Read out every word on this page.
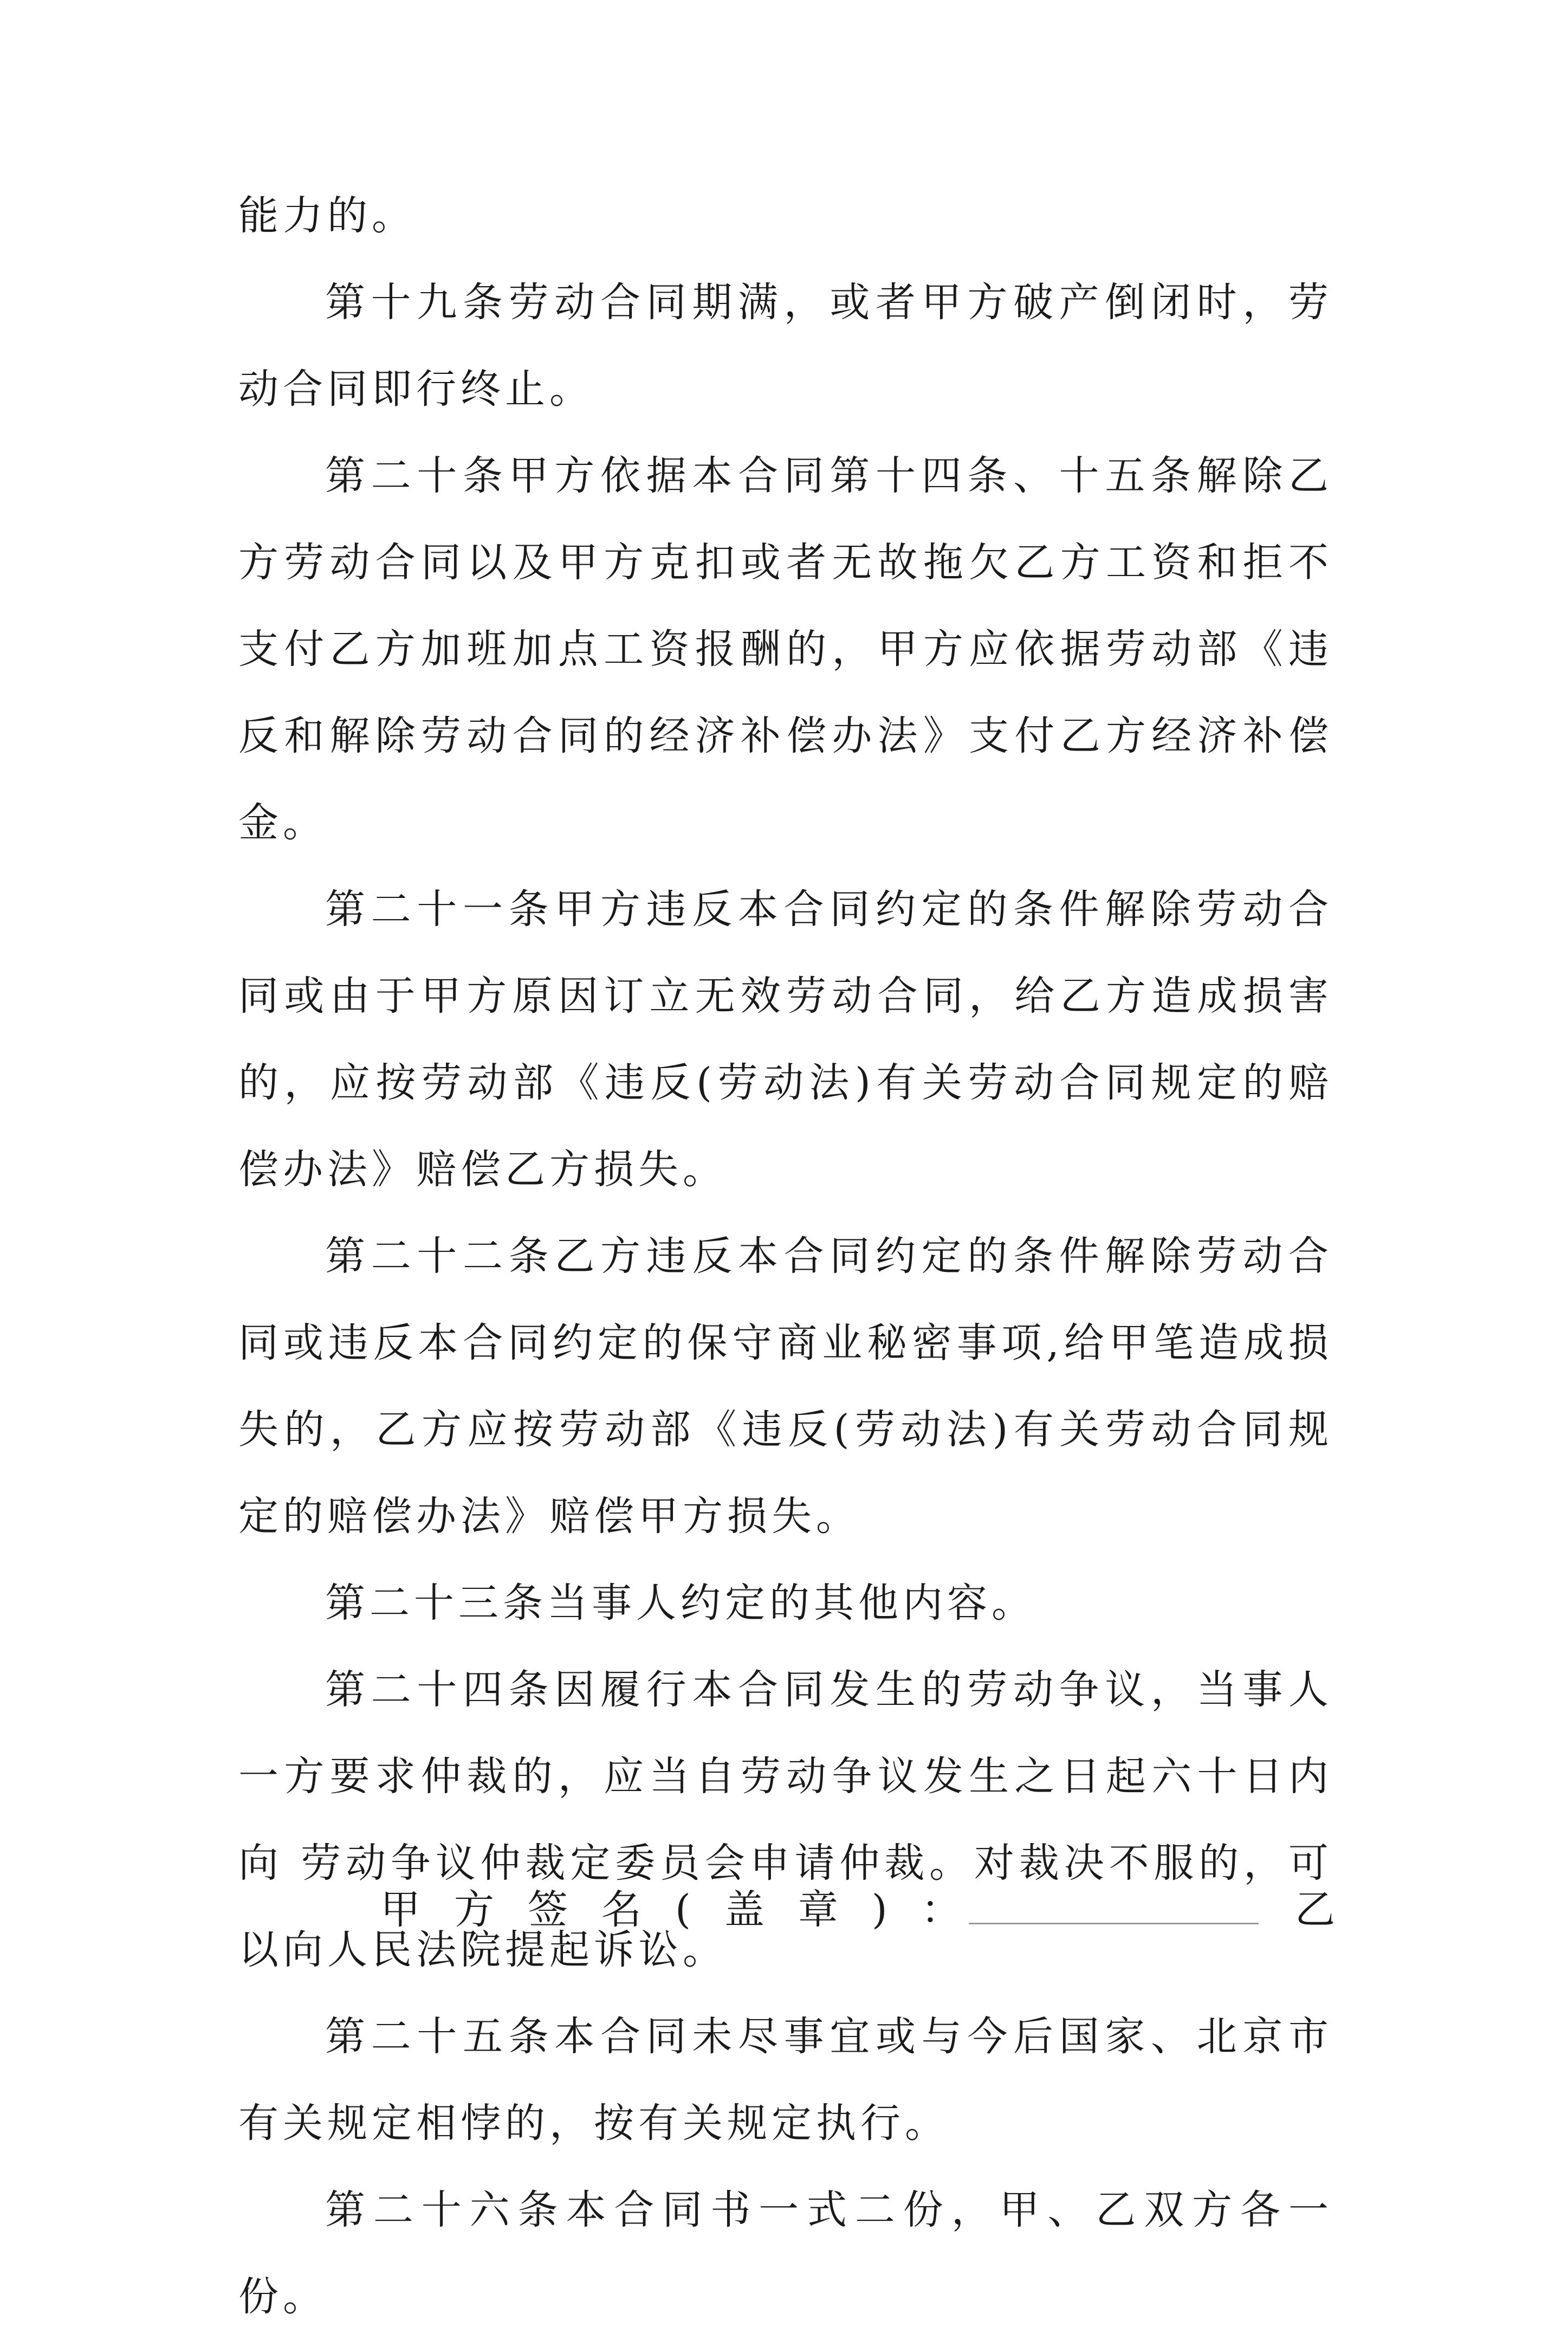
能力的。

第十九条劳动合同期满，或者甲方破产倒闭时，劳动合同即行终止。

第二十条甲方依据本合同第十四条、十五条解除乙方劳动合同以及甲方克扣或者无故拖欠乙方工资和拒不支付乙方加班加点工资报酬的，甲方应依据劳动部《违反和解除劳动合同的经济补偿办法》支付乙方经济补偿金。

第二十一条甲方违反本合同约定的条件解除劳动合同或由于甲方原因订立无效劳动合同，给乙方造成损害的，应按劳动部《违反(劳动法)有关劳动合同规定的赔偿办法》赔偿乙方损失。

第二十二条乙方违反本合同约定的条件解除劳动合同或违反本合同约定的保守商业秘密事项,给甲笔造成损失的，乙方应按劳动部《违反(劳动法)有关劳动合同规定的赔偿办法》赔偿甲方损失。

第二十三条当事人约定的其他内容。

第二十四条因履行本合同发生的劳动争议，当事人一方要求仲裁的，应当自劳动争议发生之日起六十日内向 劳动争议仲裁定委员会申请仲裁。对裁决不服的，可以向人民法院提起诉讼。

第二十五条本合同未尽事宜或与今后国家、北京市有关规定相悖的，按有关规定执行。

第二十六条本合同书一式二份，甲、乙双方各一份。

甲方签名(盖章)：	乙
